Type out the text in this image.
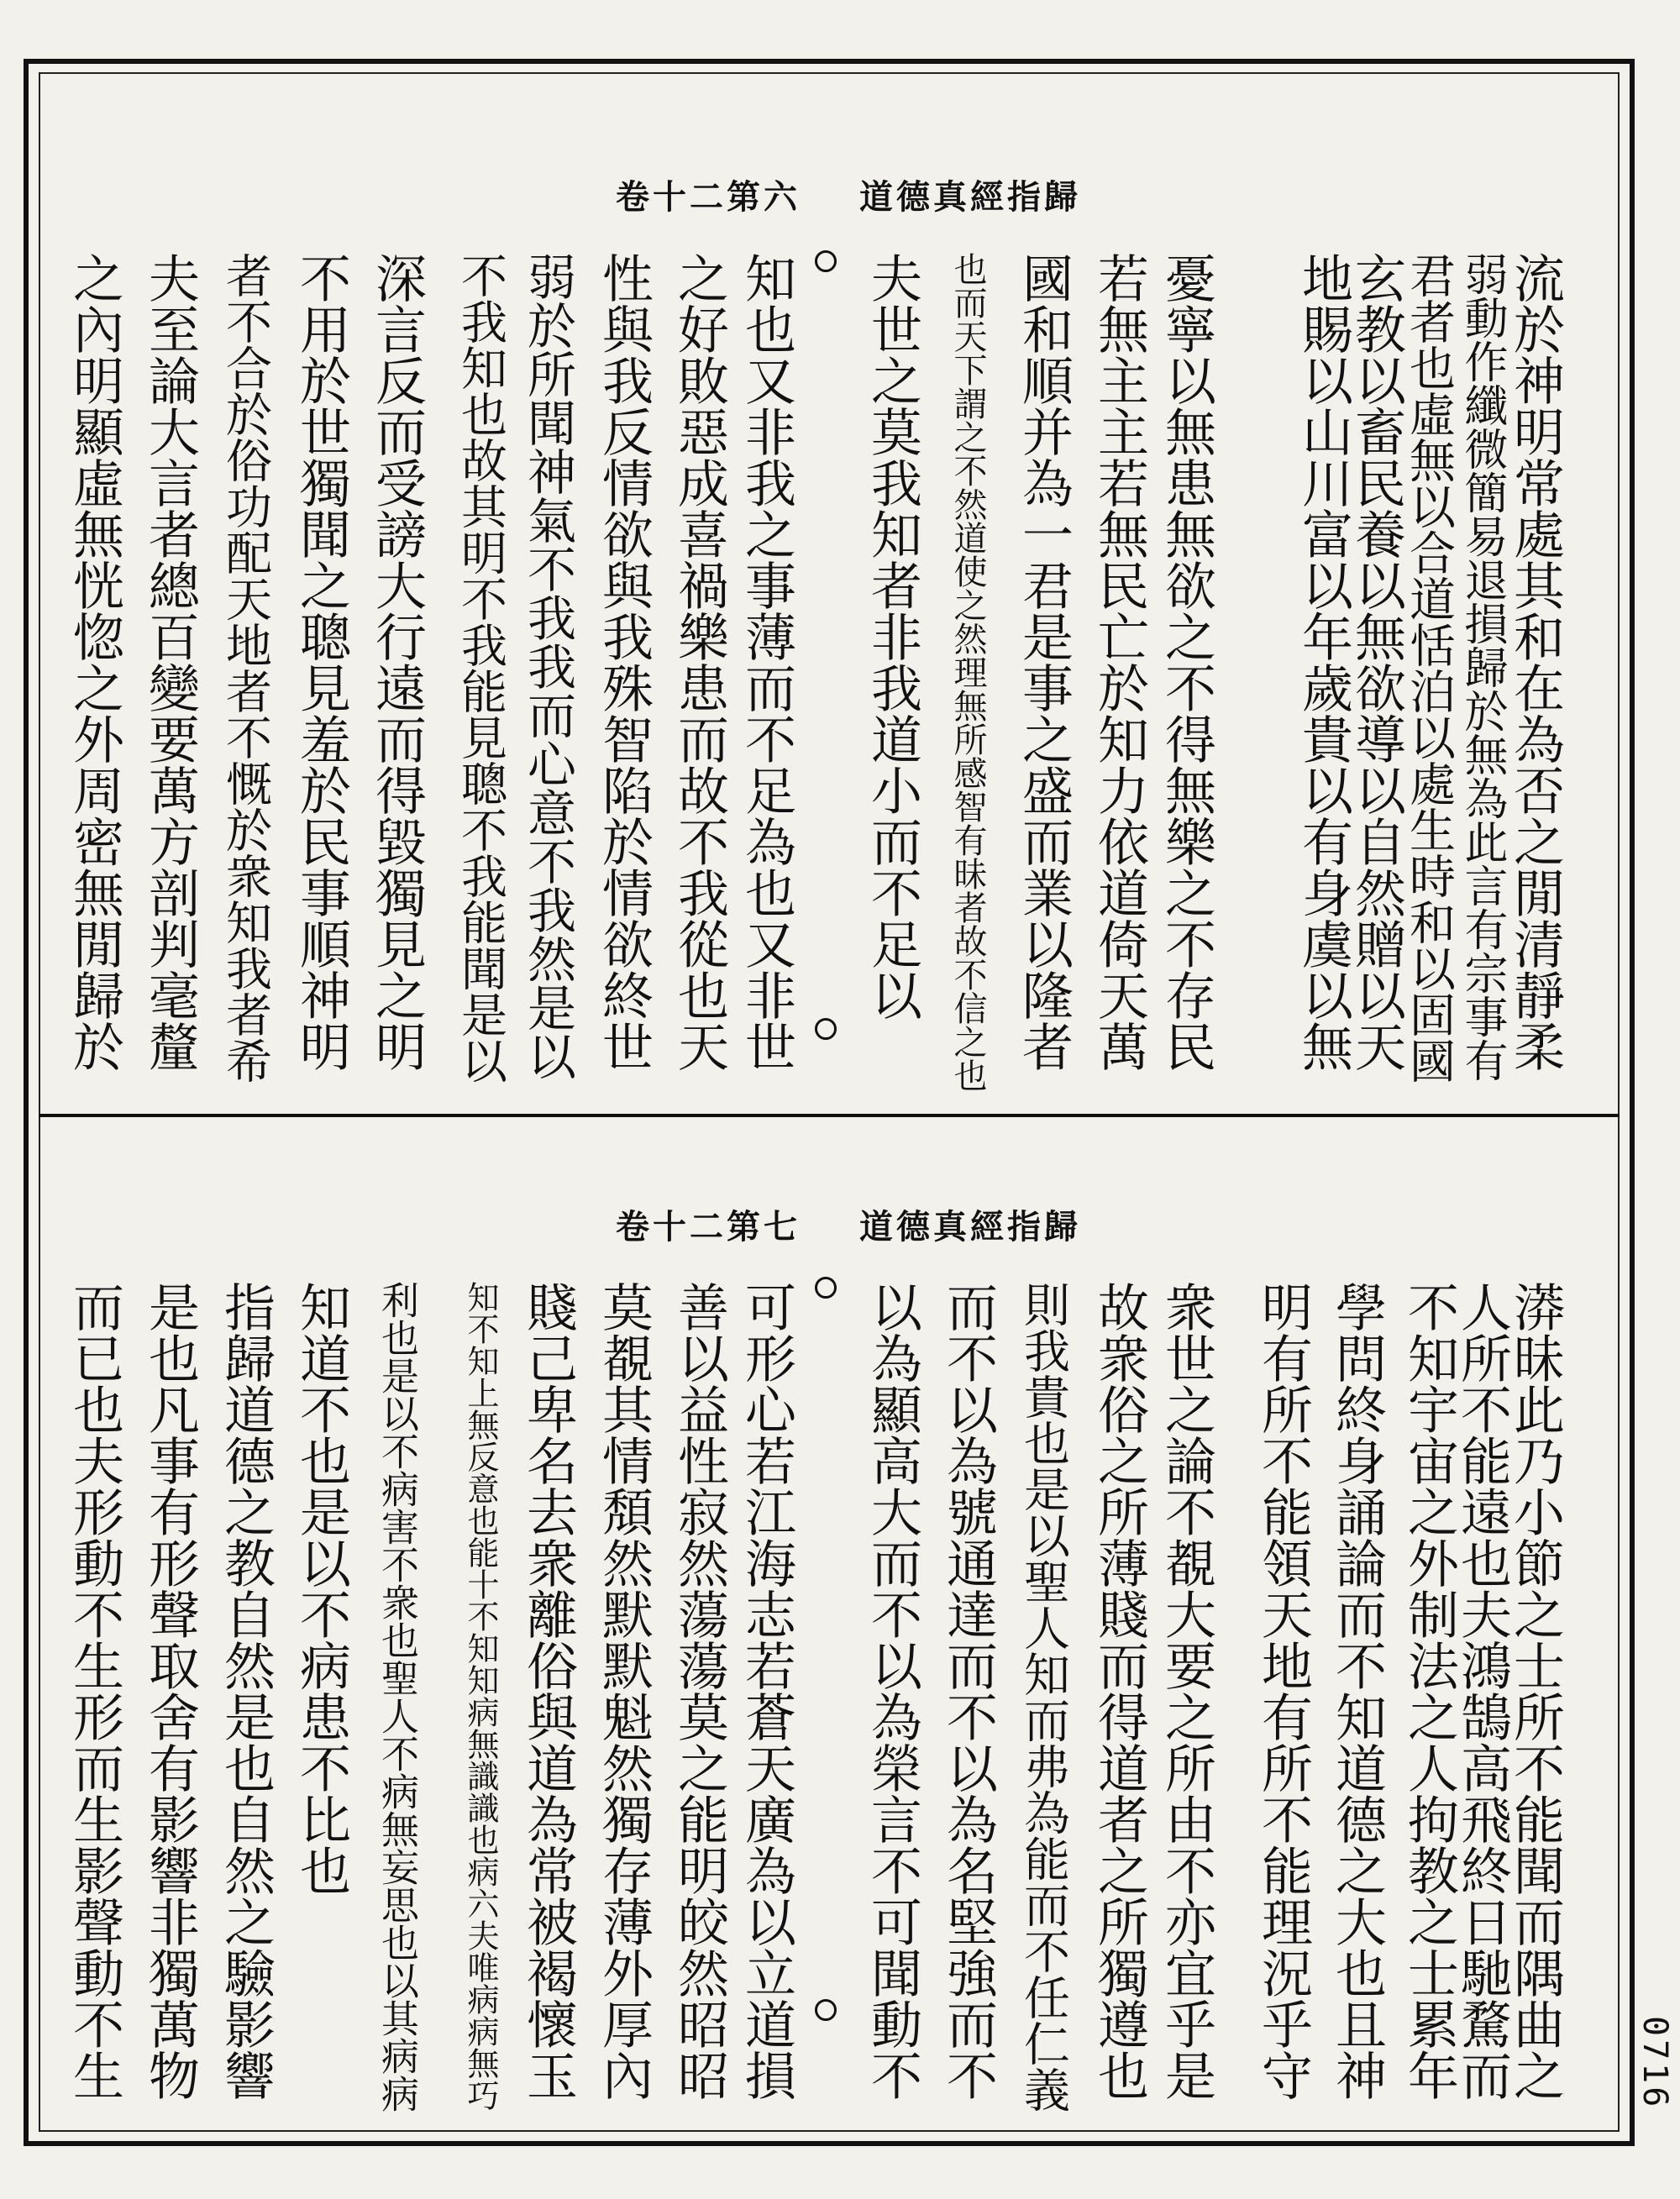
卷十二第六 道德真經指歸
卷十二第七 道德真經指歸
流於神明常處其和在為否之閒清靜柔
弱動作纖微簡易退損歸於無為此言有宗事有
君者也虛無以合道恬泊以處生時和以固國
玄教以畜民養以無欲導以自然贈以天
地賜以山川富以年歲貴以有身虞以無
憂寧以無患無欲之不得無樂之不存民
若無主主若無民亡於知力依道倚天萬
國和順并為一君是事之盛而業以隆者
也而天下謂之不然道使之然理無所感智有昧者故不信之也
夫世之莫我知者非我道小而不足以
知也又非我之事薄而不足為也又非世
之好敗惡成喜禍樂患而故不我從也天
性與我反情欲與我殊智陷於情欲終世
弱於所聞神氣不我我而心意不我然是以
不我知也故其明不我能見聰不我能聞是以
深言反而受謗大行遠而得毀獨見之明
不用於世獨聞之聰見羞於民事順神明
者不合於俗功配天地者不慨於衆知我者希
夫至論大言者總百變要萬方剖判毫釐
之內明顯虛無恍惚之外周密無閒歸於
漭昧此乃小節之士所不能聞而隅曲之
人所不能遠也夫鴻鵠高飛終日馳騖而
不知宇宙之外制法之人拘教之士累年
學問終身誦論而不知道德之大也且神
明有所不能領天地有所不能理況乎守
衆世之論不覩大要之所由不亦宜乎是
故衆俗之所薄賤而得道者之所獨遵也
則我貴也是以聖人知而弗為能而不任仁義
而不以為號通達而不以為名堅強而不
以為顯高大而不以為榮言不可聞動不
可形心若江海志若蒼天廣為以立道損
善以益性寂然蕩蕩莫之能明皎然昭昭
莫覩其情頽然默默魁然獨存薄外厚內
賤己卑名去衆離俗與道為常被褐懷玉
知不知上無反意也能十不知知病無識識也病六夫唯病病無巧
利也是以不病害不衆也聖人不病無妄思也以其病病
知道不也是以不病患不比也
指歸道德之教自然是也自然之驗影響
是也凡事有形聲取舍有影響非獨萬物
而已也夫形動不生形而生影聲動不生	0716
